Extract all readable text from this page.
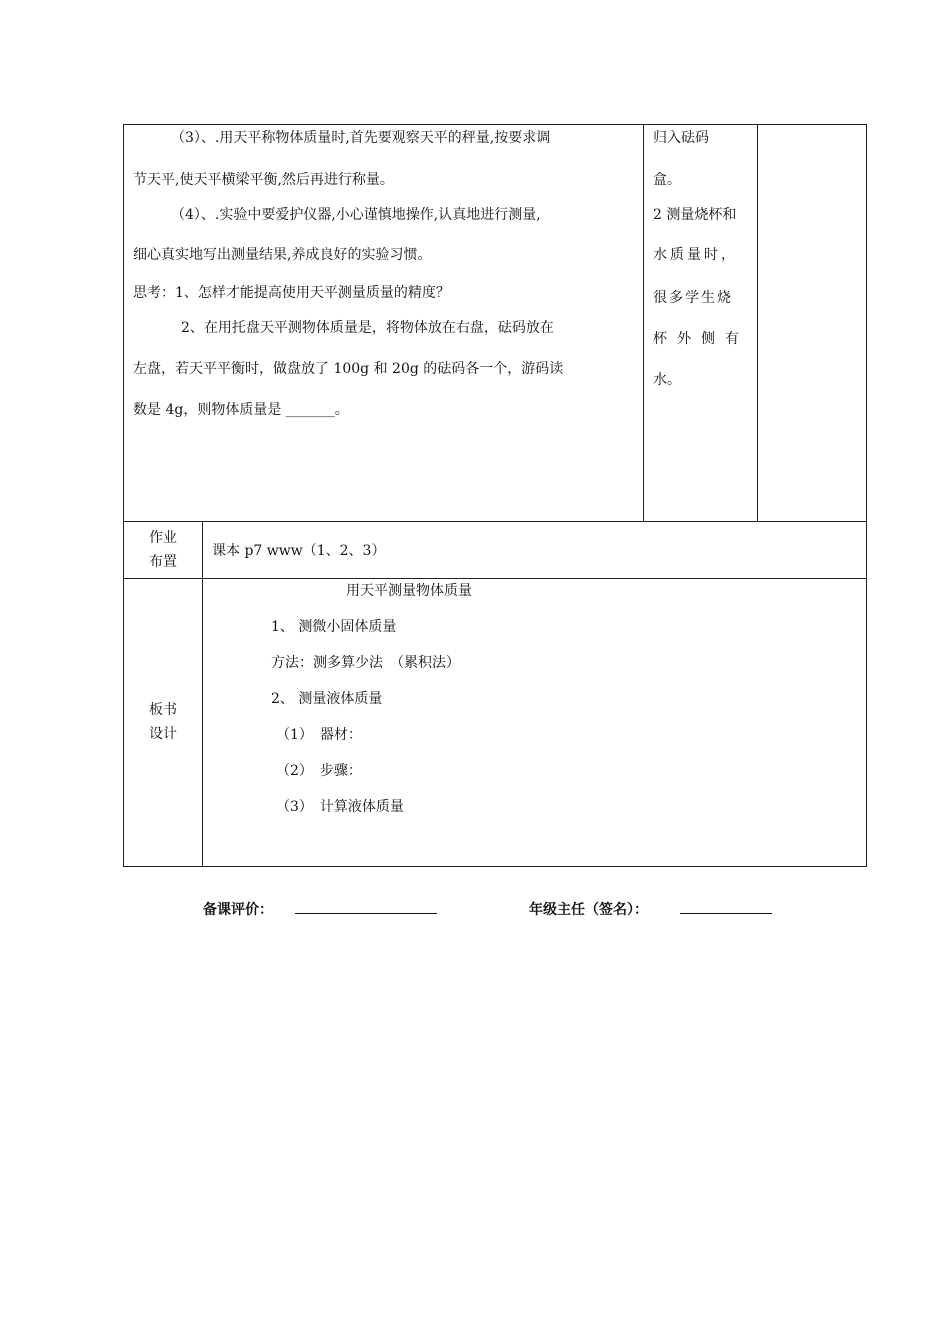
（3）、.用天平称物体质量时,首先要观察天平的秤量,按要求调
节天平,使天平横梁平衡,然后再进行称量。
（4）、.实验中要爱护仪器,小心谨慎地操作,认真地进行测量,
细心真实地写出测量结果,养成良好的实验习惯。
思考：1、怎样才能提高使用天平测量质量的精度？
2、在用托盘天平测物体质量是，将物体放在右盘，砝码放在
左盘，若天平平衡时，做盘放了 100g 和 20g 的砝码各一个，游码读
数是 4g，则物体质量是 _______。
归入砝码
盒。
2 测量烧杯和
水质量时，
很多学生烧
杯外侧有
水。
作业
布置
课本 p7 www（1、2、3）
板书
设计
用天平测量物体质量
1、 测微小固体质量
方法：测多算少法　（累积法）
2、 测量液体质量
（1）　器材：
（2）　步骤：
（3）　计算液体质量
备课评价：	年级主任（签名）：
